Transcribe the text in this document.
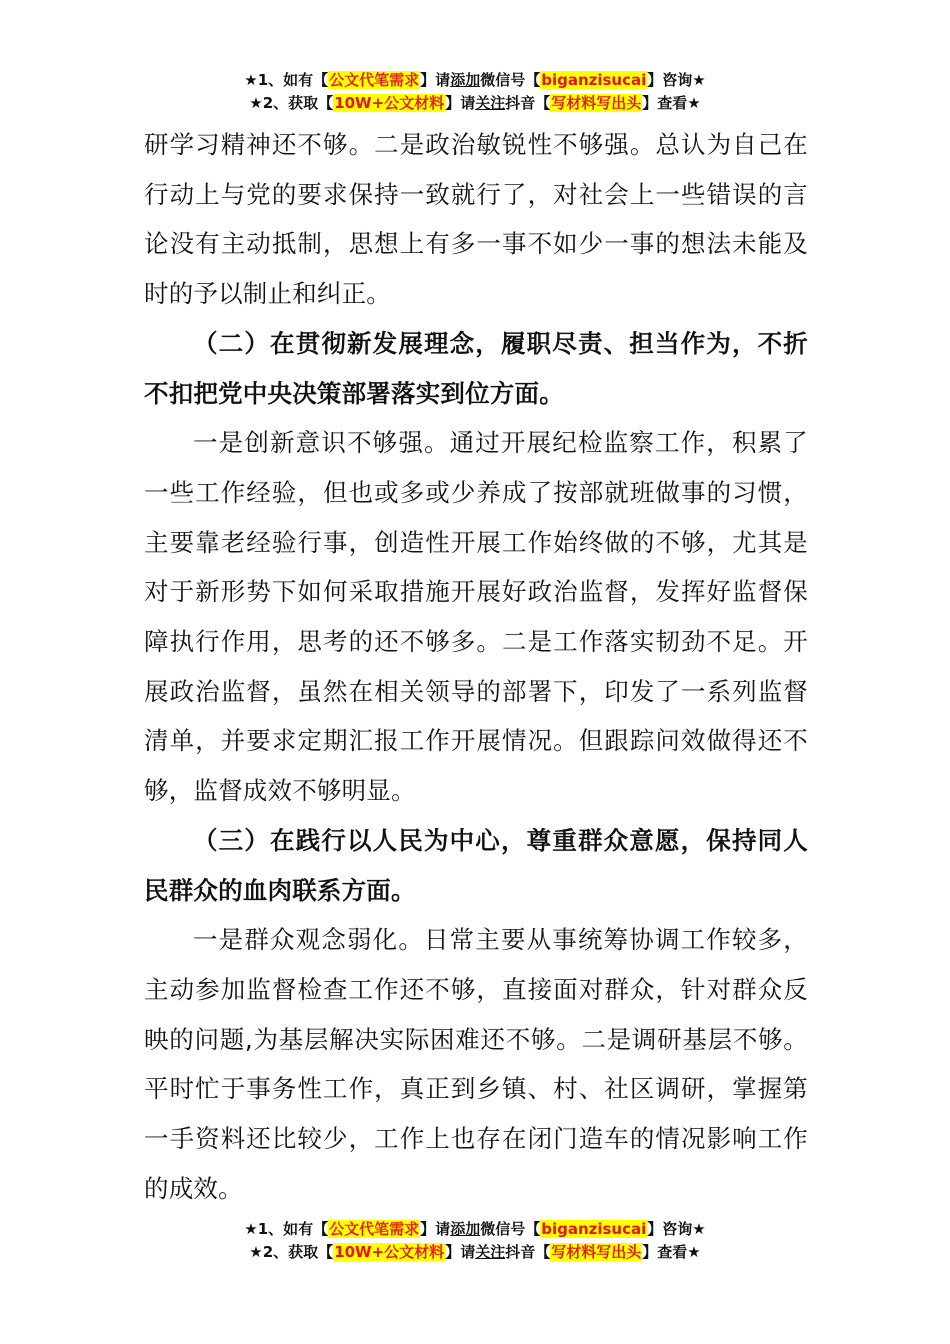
★1、如有【公文代笔需求】请添加微信号【biganzisucai】咨询★
★2、获取【10W+公文材料】请关注抖音【写材料写出头】查看★

研学习精神还不够。二是政治敏锐性不够强。总认为自己在行动上与党的要求保持一致就行了，对社会上一些错误的言论没有主动抵制，思想上有多一事不如少一事的想法未能及时的予以制止和纠正。

（二）在贯彻新发展理念，履职尽责、担当作为，不折不扣把党中央决策部署落实到位方面。

一是创新意识不够强。通过开展纪检监察工作，积累了一些工作经验，但也或多或少养成了按部就班做事的习惯，主要靠老经验行事，创造性开展工作始终做的不够，尤其是对于新形势下如何采取措施开展好政治监督，发挥好监督保障执行作用，思考的还不够多。二是工作落实韧劲不足。开展政治监督，虽然在相关领导的部署下，印发了一系列监督清单，并要求定期汇报工作开展情况。但跟踪问效做得还不够，监督成效不够明显。

（三）在践行以人民为中心，尊重群众意愿，保持同人民群众的血肉联系方面。

一是群众观念弱化。日常主要从事统筹协调工作较多，主动参加监督检查工作还不够，直接面对群众，针对群众反映的问题,为基层解决实际困难还不够。二是调研基层不够。平时忙于事务性工作，真正到乡镇、村、社区调研，掌握第一手资料还比较少，工作上也存在闭门造车的情况影响工作的成效。

★1、如有【公文代笔需求】请添加微信号【biganzisucai】咨询★
★2、获取【10W+公文材料】请关注抖音【写材料写出头】查看★
